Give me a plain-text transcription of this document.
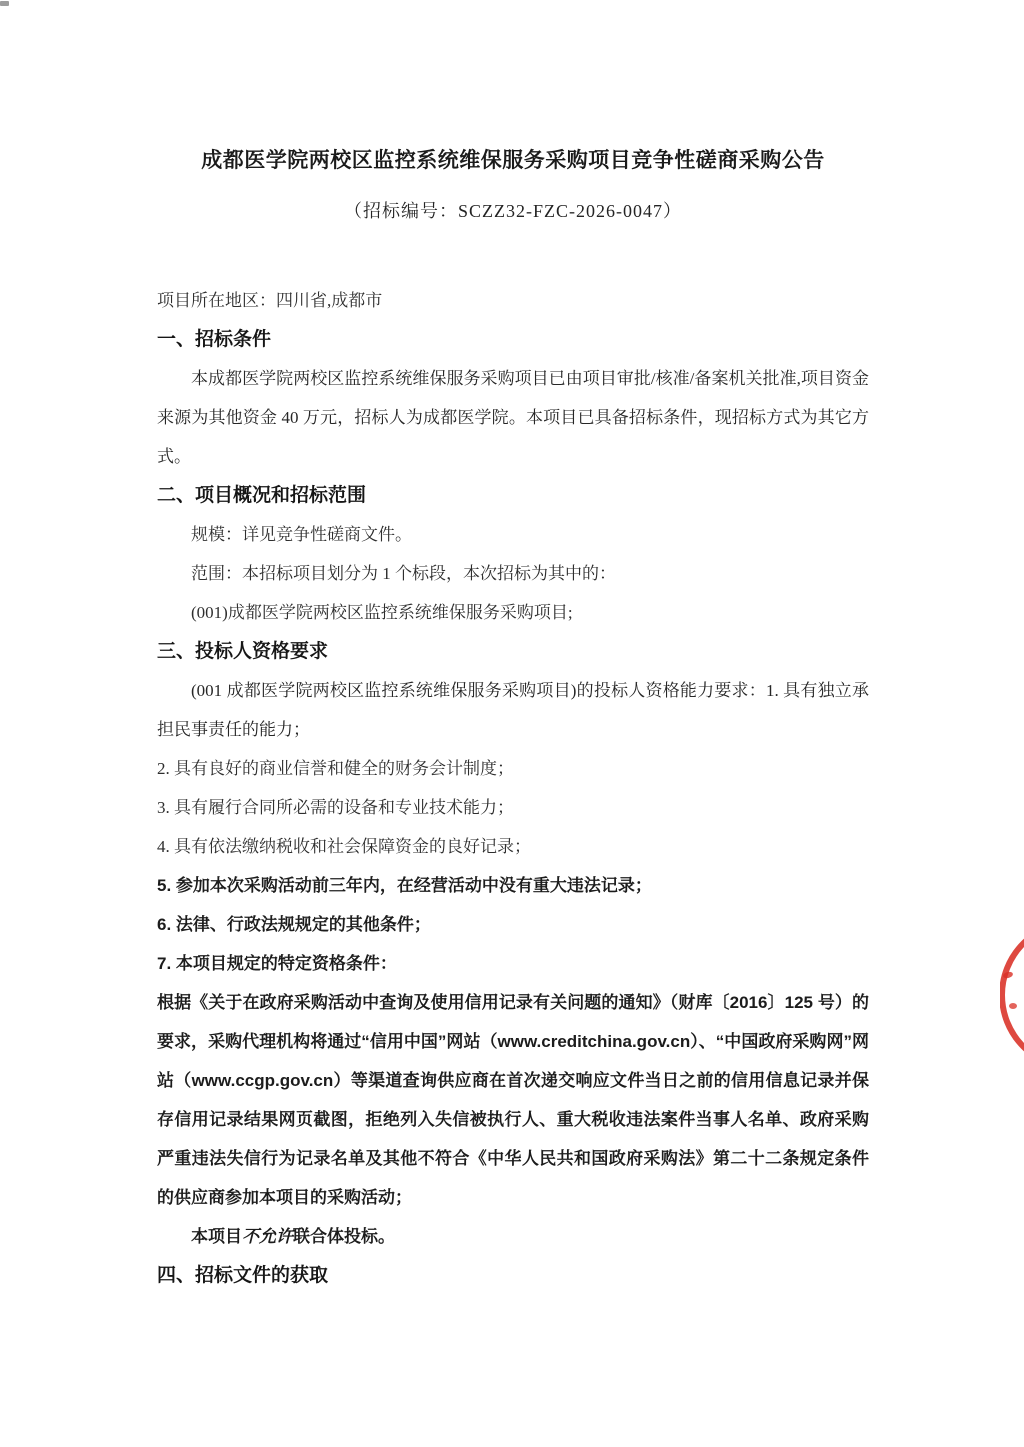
成都医学院两校区监控系统维保服务采购项目竞争性磋商采购公告
（招标编号：SCZZ32-FZC-2026-0047）

项目所在地区：四川省,成都市

一、招标条件

本成都医学院两校区监控系统维保服务采购项目已由项目审批/核准/备案机关批准,项目资金来源为其他资金 40 万元，招标人为成都医学院。本项目已具备招标条件，现招标方式为其它方式。

二、项目概况和招标范围

规模：详见竞争性磋商文件。

范围：本招标项目划分为 1 个标段，本次招标为其中的：

(001)成都医学院两校区监控系统维保服务采购项目;

三、投标人资格要求

(001 成都医学院两校区监控系统维保服务采购项目)的投标人资格能力要求：1. 具有独立承担民事责任的能力；

2. 具有良好的商业信誉和健全的财务会计制度；

3. 具有履行合同所必需的设备和专业技术能力；

4. 具有依法缴纳税收和社会保障资金的良好记录；

5. 参加本次采购活动前三年内，在经营活动中没有重大违法记录；

6. 法律、行政法规规定的其他条件；

7. 本项目规定的特定资格条件：

根据《关于在政府采购活动中查询及使用信用记录有关问题的通知》（财库〔2016〕125 号）的要求，采购代理机构将通过“信用中国”网站（www.creditchina.gov.cn）、“中国政府采购网”网站（www.ccgp.gov.cn）等渠道查询供应商在首次递交响应文件当日之前的信用信息记录并保存信用记录结果网页截图，拒绝列入失信被执行人、重大税收违法案件当事人名单、政府采购严重违法失信行为记录名单及其他不符合《中华人民共和国政府采购法》第二十二条规定条件的供应商参加本项目的采购活动；

本项目不允许联合体投标。

四、招标文件的获取
